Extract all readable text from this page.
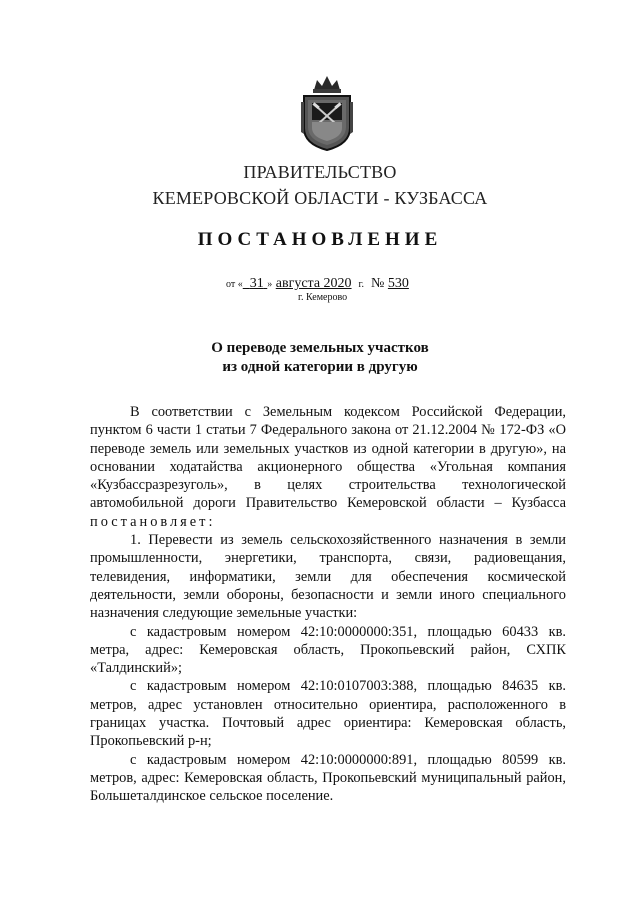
ПРАВИТЕЛЬСТВО
КЕМЕРОВСКОЙ ОБЛАСТИ - КУЗБАССА
ПОСТАНОВЛЕНИЕ
от « 31 » августа 2020 г. № 530
г. Кемерово
О переводе земельных участков
из одной категории в другую

В соответствии с Земельным кодексом Российской Федерации, пунктом 6 части 1 статьи 7 Федерального закона от 21.12.2004 № 172-ФЗ «О переводе земель или земельных участков из одной категории в другую», на основании ходатайства акционерного общества «Угольная компания «Кузбассразрезуголь», в целях строительства технологической автомобильной дороги Правительство Кемеровской области – Кузбасса постановляет:

1. Перевести из земель сельскохозяйственного назначения в земли промышленности, энергетики, транспорта, связи, радиовещания, телевидения, информатики, земли для обеспечения космической деятельности, земли обороны, безопасности и земли иного специального назначения следующие земельные участки:

с кадастровым номером 42:10:0000000:351, площадью 60433 кв. метра, адрес: Кемеровская область, Прокопьевский район, СХПК «Талдинский»;

с кадастровым номером 42:10:0107003:388, площадью 84635 кв. метров, адрес установлен относительно ориентира, расположенного в границах участка. Почтовый адрес ориентира: Кемеровская область, Прокопьевский р-н;

с кадастровым номером 42:10:0000000:891, площадью 80599 кв. метров, адрес: Кемеровская область, Прокопьевский муниципальный район, Большеталдинское сельское поселение.
